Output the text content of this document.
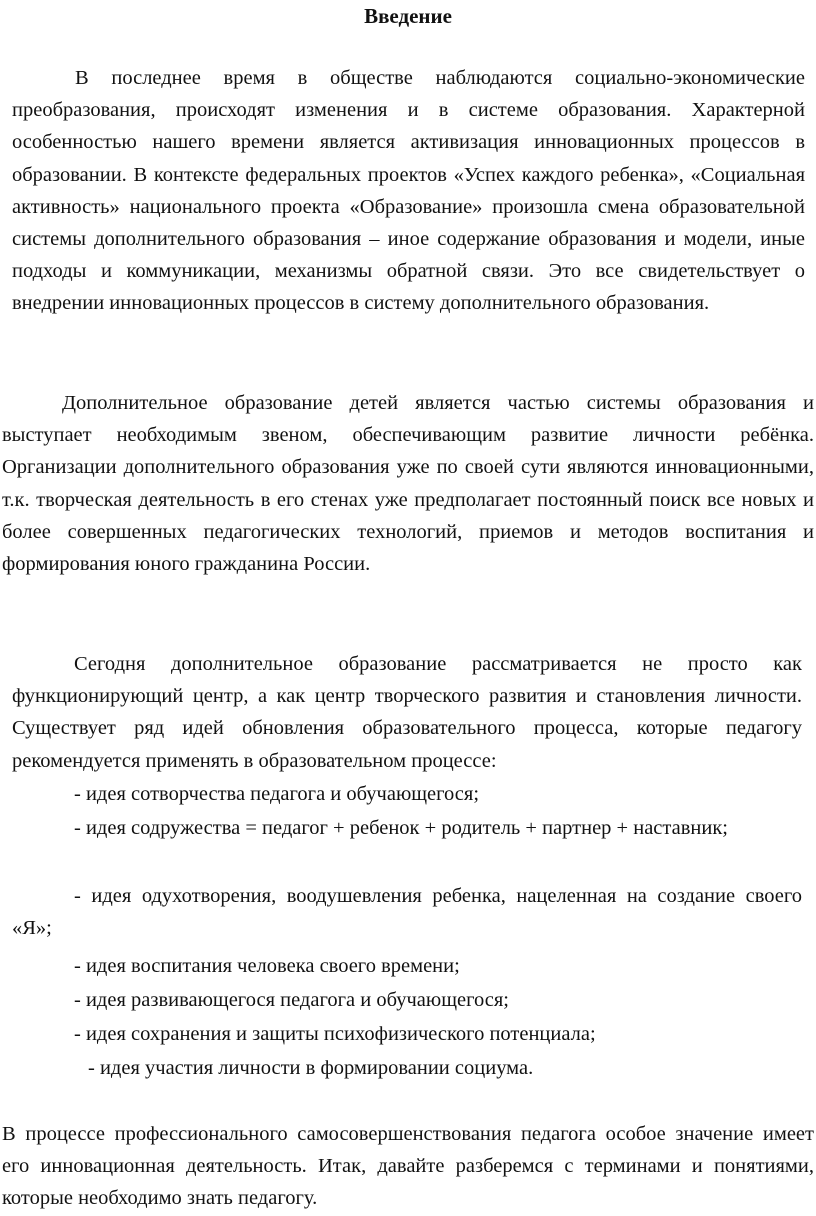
Введение

В последнее время в обществе наблюдаются социально-экономические преобразования, происходят изменения и в системе образования. Характерной особенностью нашего времени является активизация инновационных процессов в образовании. В контексте федеральных проектов «Успех каждого ребенка», «Социальная активность» национального проекта «Образование» произошла смена образовательной системы дополнительного образования – иное содержание образования и модели, иные подходы и коммуникации, механизмы обратной связи. Это все свидетельствует о внедрении инновационных процессов в систему дополнительного образования.

Дополнительное образование детей является частью системы образования и выступает необходимым звеном, обеспечивающим развитие личности ребёнка. Организации дополнительного образования уже по своей сути являются инновационными, т.к. творческая деятельность в его стенах уже предполагает постоянный поиск все новых и более совершенных педагогических технологий, приемов и методов воспитания и формирования юного гражданина России.

Сегодня дополнительное образование рассматривается не просто как функционирующий центр, а как центр творческого развития и становления личности. Существует ряд идей обновления образовательного процесса, которые педагогу рекомендуется применять в образовательном процессе:

- идея сотворчества педагога и обучающегося;

- идея содружества = педагог + ребенок + родитель + партнер + наставник;

- идея одухотворения, воодушевления ребенка, нацеленная на создание своего «Я»;

- идея воспитания человека своего времени;

- идея развивающегося педагога и обучающегося;

- идея сохранения и защиты психофизического потенциала;

- идея участия личности в формировании социума.

В процессе профессионального самосовершенствования педагога особое значение имеет его инновационная деятельность. Итак, давайте разберемся с терминами и понятиями, которые необходимо знать педагогу.
